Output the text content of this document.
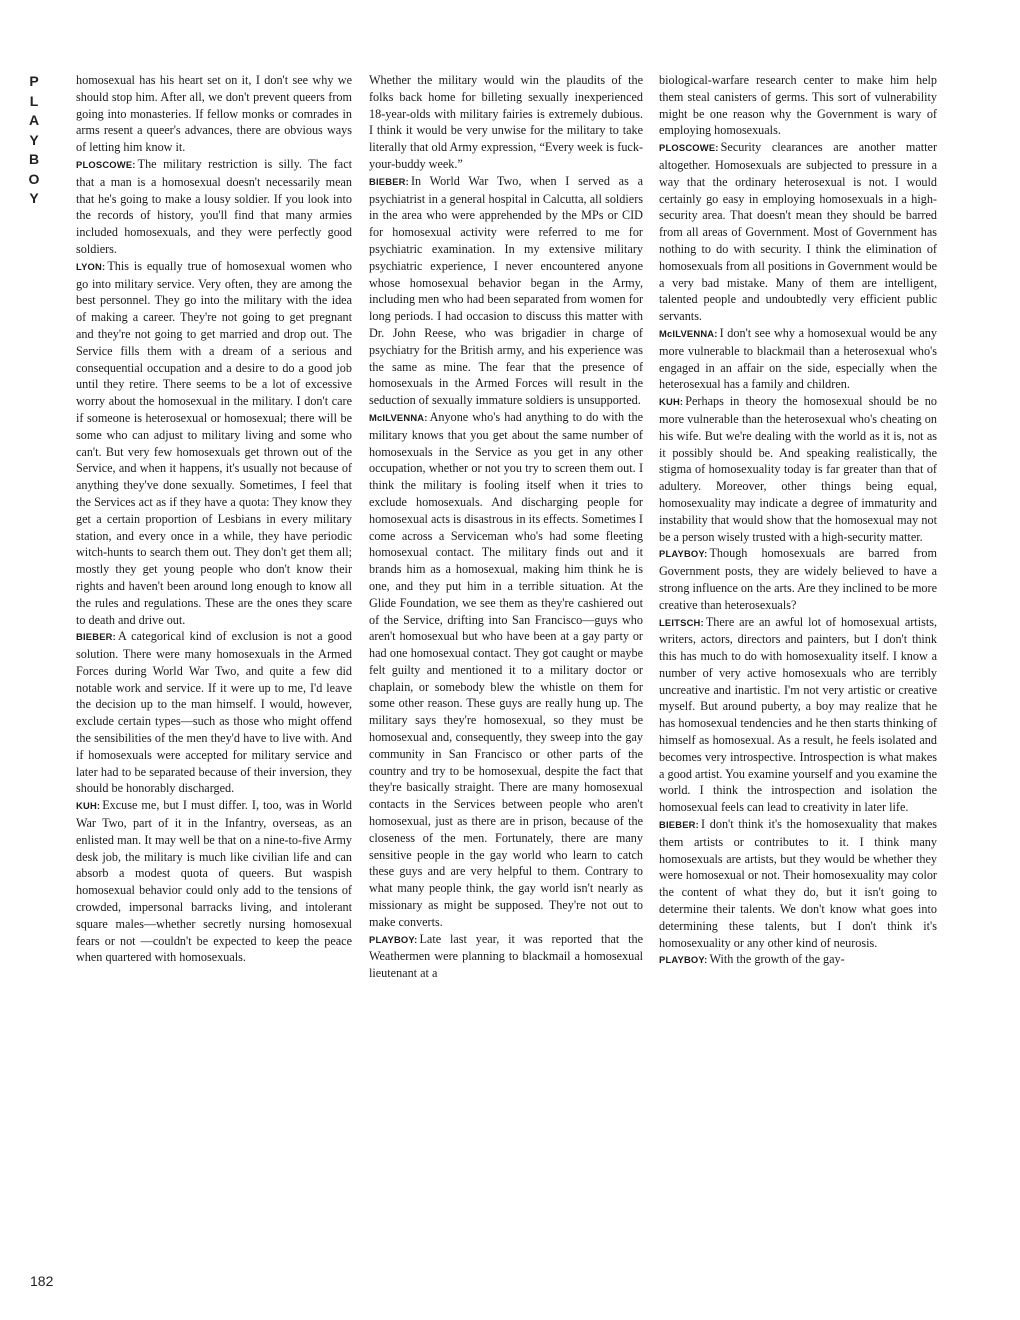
P
L
A
Y
B
O
Y

homosexual has his heart set on it, I don't see why we should stop him. After all, we don't prevent queers from going into monasteries. If fellow monks or comrades in arms resent a queer's advances, there are obvious ways of letting him know it.

PLOSCOWE: The military restriction is silly. The fact that a man is a homosexual doesn't necessarily mean that he's going to make a lousy soldier. If you look into the records of history, you'll find that many armies included homosexuals, and they were perfectly good soldiers.

LYON: This is equally true of homosexual women who go into military service. Very often, they are among the best personnel. They go into the military with the idea of making a career. They're not going to get pregnant and they're not going to get married and drop out. The Service fills them with a dream of a serious and consequential occupation and a desire to do a good job until they retire. There seems to be a lot of excessive worry about the homosexual in the military. I don't care if someone is heterosexual or homosexual; there will be some who can adjust to military living and some who can't. But very few homosexuals get thrown out of the Service, and when it happens, it's usually not because of anything they've done sexually. Sometimes, I feel that the Services act as if they have a quota: They know they get a certain proportion of Lesbians in every military station, and every once in a while, they have periodic witch-hunts to search them out. They don't get them all; mostly they get young people who don't know their rights and haven't been around long enough to know all the rules and regulations. These are the ones they scare to death and drive out.

BIEBER: A categorical kind of exclusion is not a good solution. There were many homosexuals in the Armed Forces during World War Two, and quite a few did notable work and service. If it were up to me, I'd leave the decision up to the man himself. I would, however, exclude certain types—such as those who might offend the sensibilities of the men they'd have to live with. And if homosexuals were accepted for military service and later had to be separated because of their inversion, they should be honorably discharged.

KUH: Excuse me, but I must differ. I, too, was in World War Two, part of it in the Infantry, overseas, as an enlisted man. It may well be that on a nine-to-five Army desk job, the military is much like civilian life and can absorb a modest quota of queers. But waspish homosexual behavior could only add to the tensions of crowded, impersonal barracks living, and intolerant square males—whether secretly nursing homosexual fears or not —couldn't be expected to keep the peace when quartered with homosexuals.

Whether the military would win the plaudits of the folks back home for billeting sexually inexperienced 18-year-olds with military fairies is extremely dubious. I think it would be very unwise for the military to take literally that old Army expression, “Every week is fuck-your-buddy week.”

BIEBER: In World War Two, when I served as a psychiatrist in a general hospital in Calcutta, all soldiers in the area who were apprehended by the MPs or CID for homosexual activity were referred to me for psychiatric examination. In my extensive military psychiatric experience, I never encountered anyone whose homosexual behavior began in the Army, including men who had been separated from women for long periods. I had occasion to discuss this matter with Dr. John Reese, who was brigadier in charge of psychiatry for the British army, and his experience was the same as mine. The fear that the presence of homosexuals in the Armed Forces will result in the seduction of sexually immature soldiers is unsupported.

McILVENNA: Anyone who's had anything to do with the military knows that you get about the same number of homosexuals in the Service as you get in any other occupation, whether or not you try to screen them out. I think the military is fooling itself when it tries to exclude homosexuals. And discharging people for homosexual acts is disastrous in its effects. Sometimes I come across a Serviceman who's had some fleeting homosexual contact. The military finds out and it brands him as a homosexual, making him think he is one, and they put him in a terrible situation. At the Glide Foundation, we see them as they're cashiered out of the Service, drifting into San Francisco—guys who aren't homosexual but who have been at a gay party or had one homosexual contact. They got caught or maybe felt guilty and mentioned it to a military doctor or chaplain, or somebody blew the whistle on them for some other reason. These guys are really hung up. The military says they're homosexual, so they must be homosexual and, consequently, they sweep into the gay community in San Francisco or other parts of the country and try to be homosexual, despite the fact that they're basically straight. There are many homosexual contacts in the Services between people who aren't homosexual, just as there are in prison, because of the closeness of the men. Fortunately, there are many sensitive people in the gay world who learn to catch these guys and are very helpful to them. Contrary to what many people think, the gay world isn't nearly as missionary as might be supposed. They're not out to make converts.

PLAYBOY: Late last year, it was reported that the Weathermen were planning to blackmail a homosexual lieutenant at a

biological-warfare research center to make him help them steal canisters of germs. This sort of vulnerability might be one reason why the Government is wary of employing homosexuals.

PLOSCOWE: Security clearances are another matter altogether. Homosexuals are subjected to pressure in a way that the ordinary heterosexual is not. I would certainly go easy in employing homosexuals in a high-security area. That doesn't mean they should be barred from all areas of Government. Most of Government has nothing to do with security. I think the elimination of homosexuals from all positions in Government would be a very bad mistake. Many of them are intelligent, talented people and undoubtedly very efficient public servants.

McILVENNA: I don't see why a homosexual would be any more vulnerable to blackmail than a heterosexual who's engaged in an affair on the side, especially when the heterosexual has a family and children.

KUH: Perhaps in theory the homosexual should be no more vulnerable than the heterosexual who's cheating on his wife. But we're dealing with the world as it is, not as it possibly should be. And speaking realistically, the stigma of homosexuality today is far greater than that of adultery. Moreover, other things being equal, homosexuality may indicate a degree of immaturity and instability that would show that the homosexual may not be a person wisely trusted with a high-security matter.

PLAYBOY: Though homosexuals are barred from Government posts, they are widely believed to have a strong influence on the arts. Are they inclined to be more creative than heterosexuals?

LEITSCH: There are an awful lot of homosexual artists, writers, actors, directors and painters, but I don't think this has much to do with homosexuality itself. I know a number of very active homosexuals who are terribly uncreative and inartistic. I'm not very artistic or creative myself. But around puberty, a boy may realize that he has homosexual tendencies and he then starts thinking of himself as homosexual. As a result, he feels isolated and becomes very introspective. Introspection is what makes a good artist. You examine yourself and you examine the world. I think the introspection and isolation the homosexual feels can lead to creativity in later life.

BIEBER: I don't think it's the homosexuality that makes them artists or contributes to it. I think many homosexuals are artists, but they would be whether they were homosexual or not. Their homosexuality may color the content of what they do, but it isn't going to determine their talents. We don't know what goes into determining these talents, but I don't think it's homosexuality or any other kind of neurosis.

PLAYBOY: With the growth of the gay-

182
